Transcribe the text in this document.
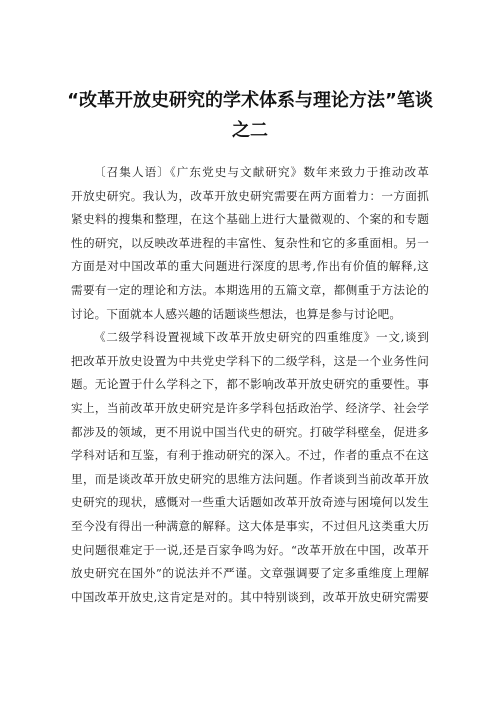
“改革开放史研究的学术体系与理论方法”笔谈
之二
〔召集人语〕《广东党史与文献研究》数年来致力于推动改革
开放史研究。我认为，改革开放史研究需要在两方面着力：一方面抓
紧史料的搜集和整理，在这个基础上进行大量微观的、个案的和专题
性的研究，以反映改革进程的丰富性、复杂性和它的多重面相。另一
方面是对中国改革的重大问题进行深度的思考,作出有价值的解释,这
需要有一定的理论和方法。本期选用的五篇文章，都侧重于方法论的
讨论。下面就本人感兴趣的话题谈些想法，也算是参与讨论吧。
《二级学科设置视域下改革开放史研究的四重维度》一文,谈到
把改革开放史设置为中共党史学科下的二级学科，这是一个业务性问
题。无论置于什么学科之下，都不影响改革开放史研究的重要性。事
实上，当前改革开放史研究是许多学科包括政治学、经济学、社会学
都涉及的领域，更不用说中国当代史的研究。打破学科壁垒，促进多
学科对话和互鉴，有利于推动研究的深入。不过，作者的重点不在这
里，而是谈改革开放史研究的思维方法问题。作者谈到当前改革开放
史研究的现状，感慨对一些重大话题如改革开放奇迹与困境何以发生
至今没有得出一种满意的解释。这大体是事实，不过但凡这类重大历
史问题很难定于一说,还是百家争鸣为好。“改革开放在中国，改革开
放史研究在国外”的说法并不严谨。文章强调要了定多重维度上理解
中国改革开放史,这肯定是对的。其中特别谈到，改革开放史研究需要
